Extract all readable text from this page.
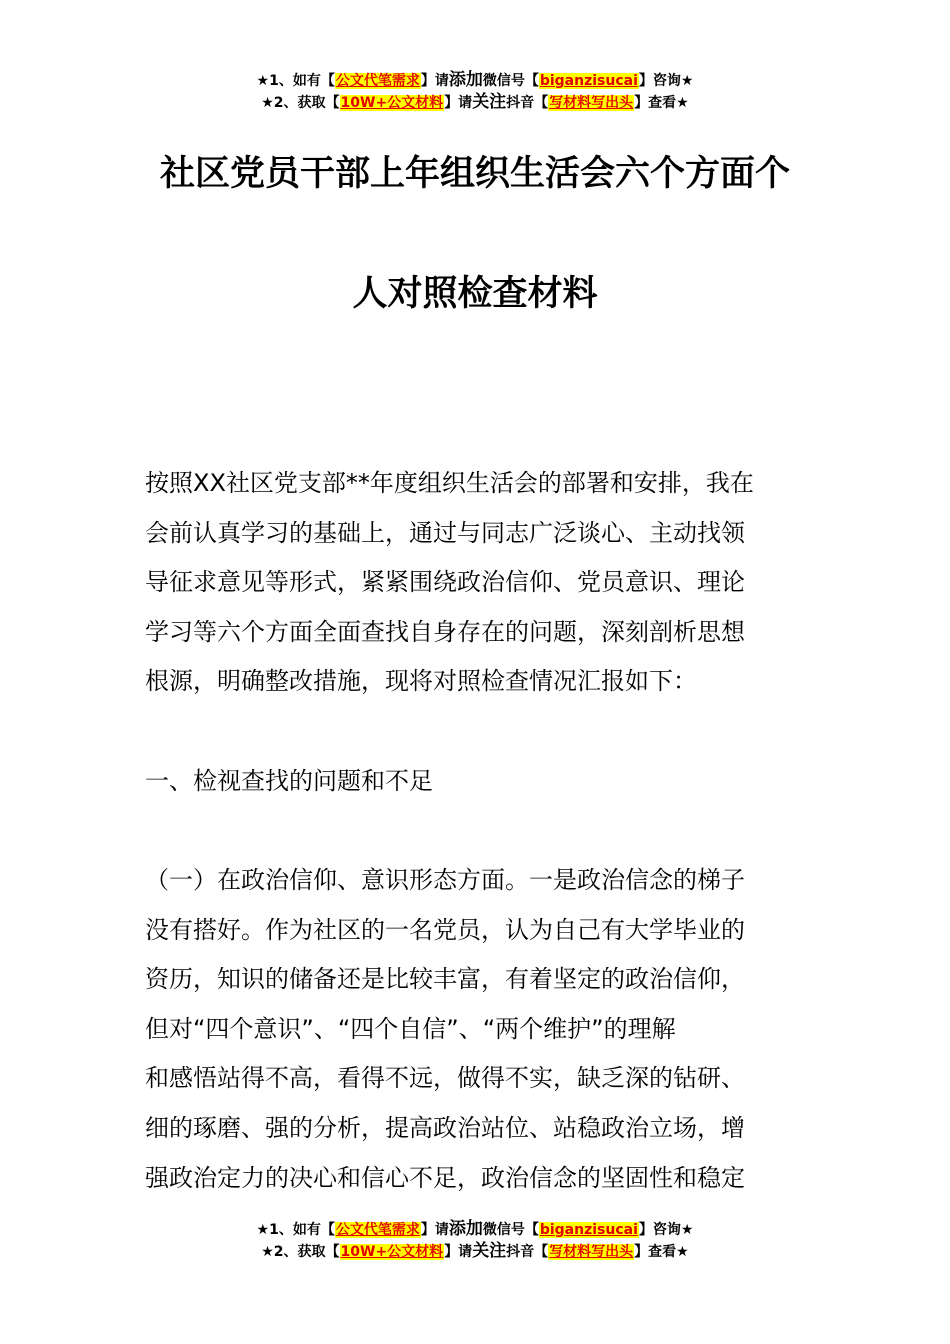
★1、如有【公文代笔需求】请添加微信号【biganzisucai】咨询★
★2、获取【10W+公文材料】请关注抖音【写材料写出头】查看★
社区党员干部上年组织生活会六个方面个
人对照检查材料
按照XX社区党支部**年度组织生活会的部署和安排，我在
会前认真学习的基础上，通过与同志广泛谈心、主动找领
导征求意见等形式，紧紧围绕政治信仰、党员意识、理论
学习等六个方面全面查找自身存在的问题，深刻剖析思想
根源，明确整改措施，现将对照检查情况汇报如下：
一、检视查找的问题和不足
（一）在政治信仰、意识形态方面。一是政治信念的梯子
没有搭好。作为社区的一名党员，认为自己有大学毕业的
资历，知识的储备还是比较丰富，有着坚定的政治信仰，
但对“四个意识”、“四个自信”、“两个维护”的理解
和感悟站得不高，看得不远，做得不实，缺乏深的钻研、
细的琢磨、强的分析，提高政治站位、站稳政治立场，增
强政治定力的决心和信心不足，政治信念的坚固性和稳定
★1、如有【公文代笔需求】请添加微信号【biganzisucai】咨询★
★2、获取【10W+公文材料】请关注抖音【写材料写出头】查看★
